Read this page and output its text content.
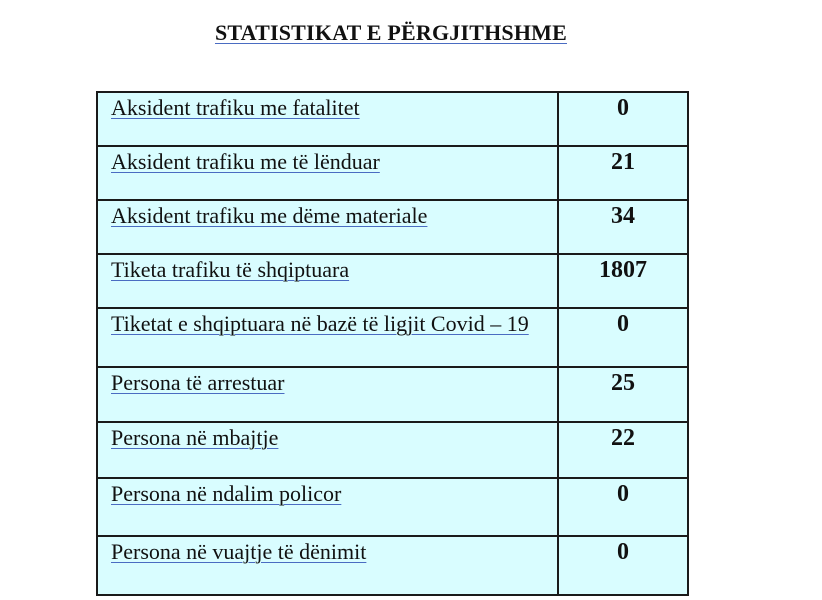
STATISTIKAT E PËRGJITHSHME
Aksident trafiku me fatalitet	0
Aksident trafiku me të lënduar	21
Aksident trafiku me dëme materiale	34
Tiketa trafiku të shqiptuara	1807
Tiketat e shqiptuara në bazë të ligjit Covid – 19	0
Persona të arrestuar	25
Persona në mbajtje	22
Persona në ndalim policor	0
Persona në vuajtje të dënimit	0
